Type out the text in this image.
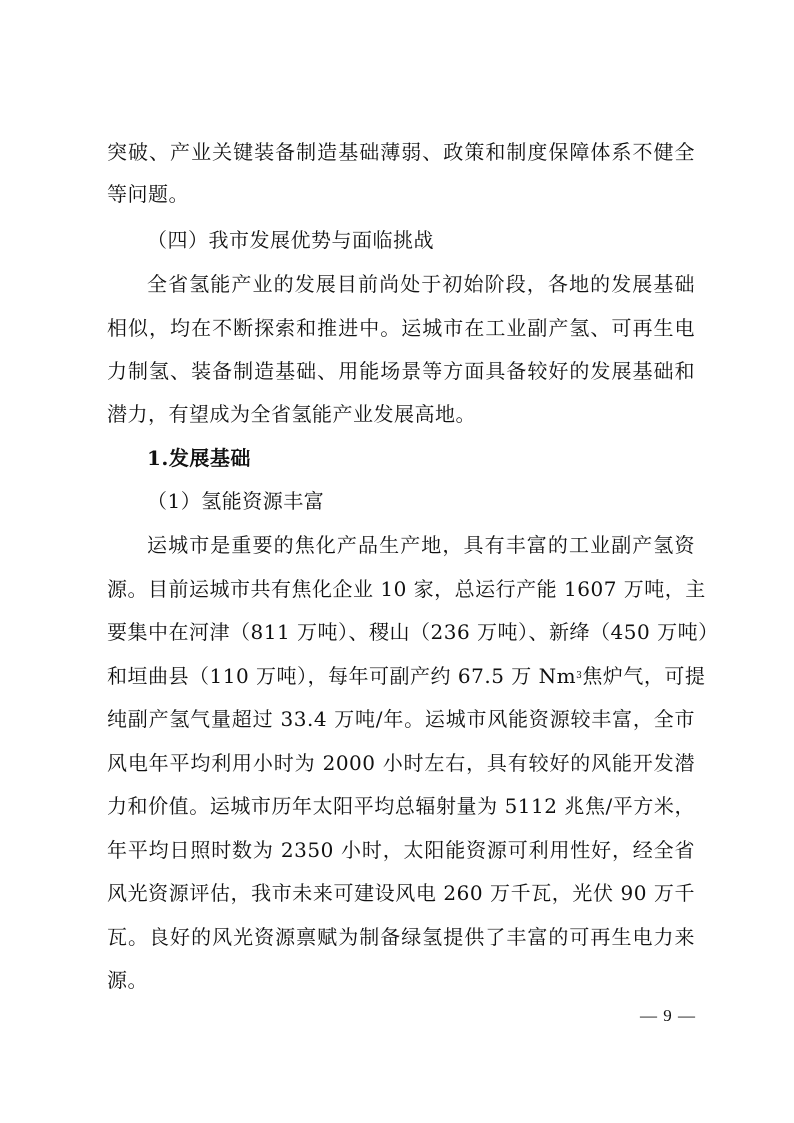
突破、产业关键装备制造基础薄弱、政策和制度保障体系不健全
等问题。
（四）我市发展优势与面临挑战
全省氢能产业的发展目前尚处于初始阶段，各地的发展基础
相似，均在不断探索和推进中。运城市在工业副产氢、可再生电
力制氢、装备制造基础、用能场景等方面具备较好的发展基础和
潜力，有望成为全省氢能产业发展高地。
1.发展基础
（1）氢能资源丰富
运城市是重要的焦化产品生产地，具有丰富的工业副产氢资
源。目前运城市共有焦化企业 10 家，总运行产能 1607 万吨，主
要集中在河津（811 万吨）、稷山（236 万吨）、新绛（450 万吨）
和垣曲县（110 万吨），每年可副产约 67.5 万 Nm 3 焦炉气，可提
纯副产氢气量超过 33.4 万吨/年。运城市风能资源较丰富，全市
风电年平均利用小时为 2000 小时左右，具有较好的风能开发潜
力和价值。运城市历年太阳平均总辐射量为 5112 兆焦/平方米，
年平均日照时数为 2350 小时，太阳能资源可利用性好，经全省
风光资源评估，我市未来可建设风电 260 万千瓦，光伏 90 万千
瓦。良好的风光资源禀赋为制备绿氢提供了丰富的可再生电力来
源。
— 9 —
